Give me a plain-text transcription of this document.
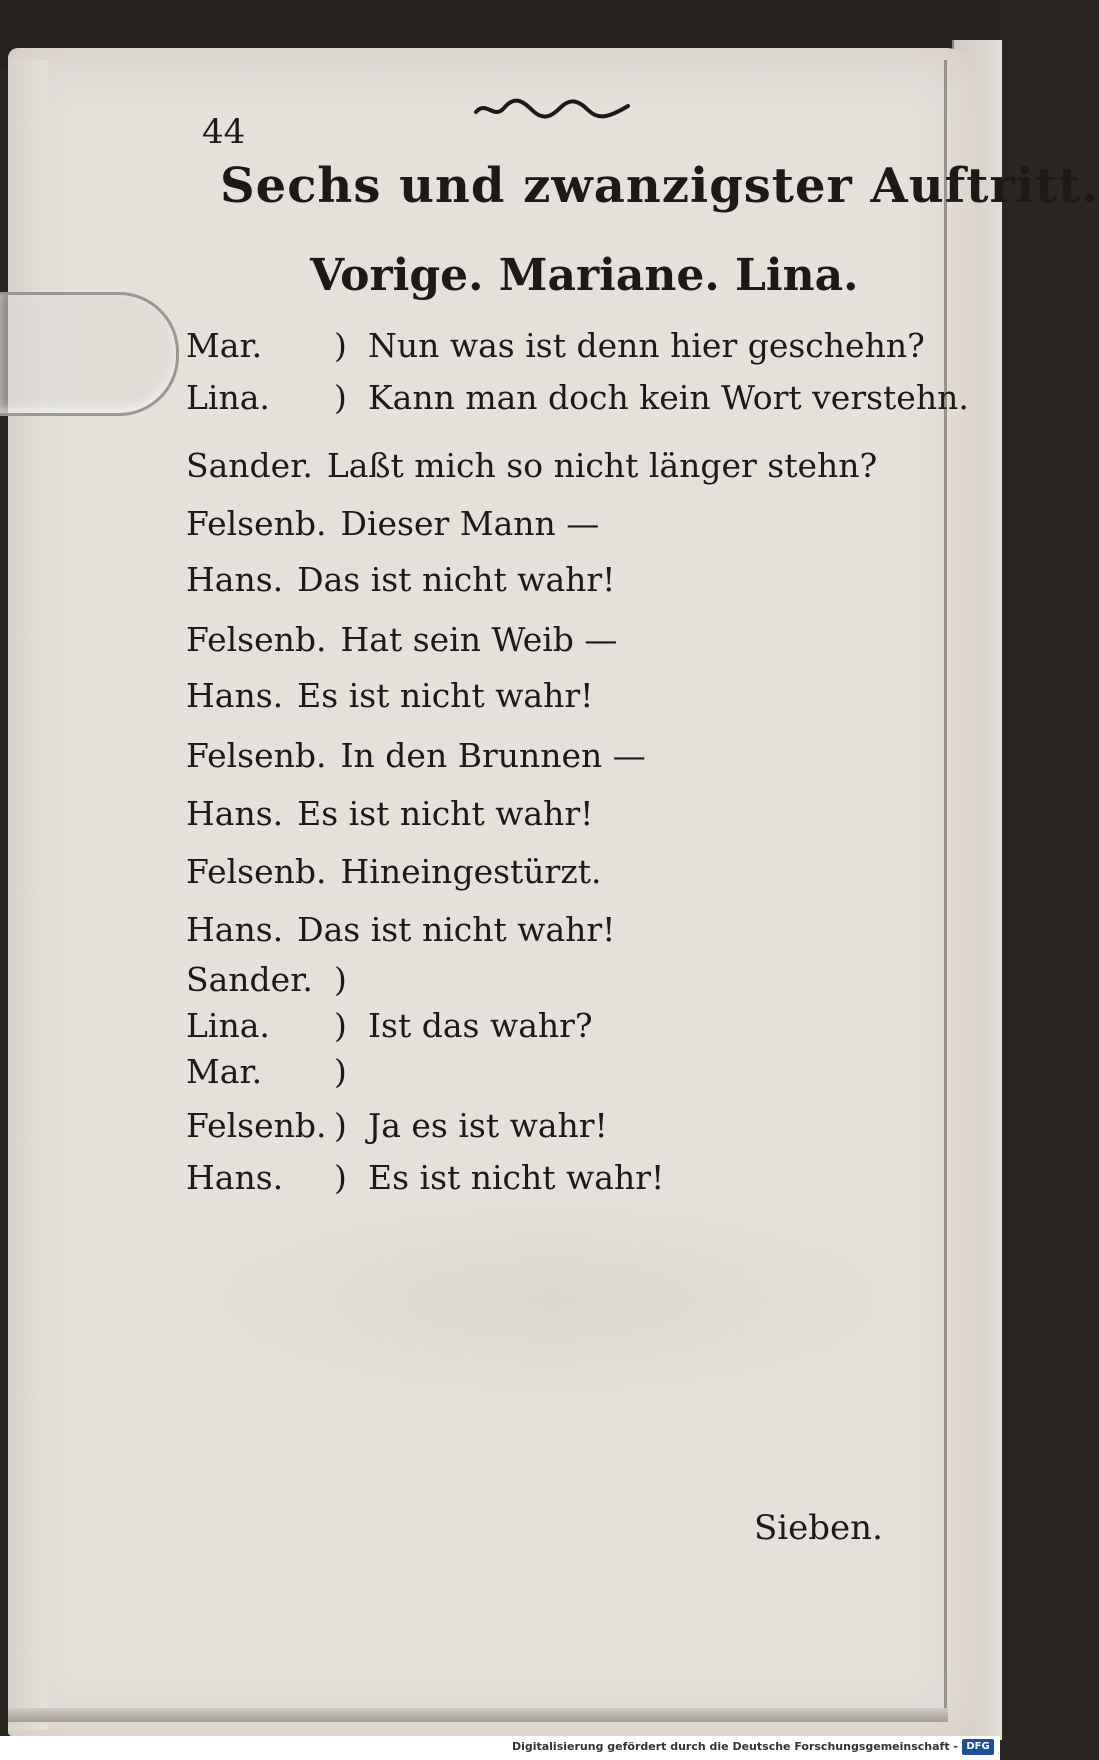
44
Sechs und zwanzigster Auftritt.
Vorige. Mariane. Lina.
Mar. ) Nun was ist denn hier geschehn?
Lina. ) Kann man doch kein Wort verstehn.
Sander. Laßt mich so nicht länger stehn?
Felsenb. Dieser Mann —
Hans. Das ist nicht wahr!
Felsenb. Hat sein Weib —
Hans. Es ist nicht wahr!
Felsenb. In den Brunnen —
Hans. Es ist nicht wahr!
Felsenb. Hineingestürzt.
Hans. Das ist nicht wahr!
Sander. )
Lina. ) Ist das wahr?
Mar. )
Felsenb. ) Ja es ist wahr!
Hans. ) Es ist nicht wahr!
Sieben.
Digitalisierung gefördert durch die Deutsche Forschungsgemeinschaft - DFG
